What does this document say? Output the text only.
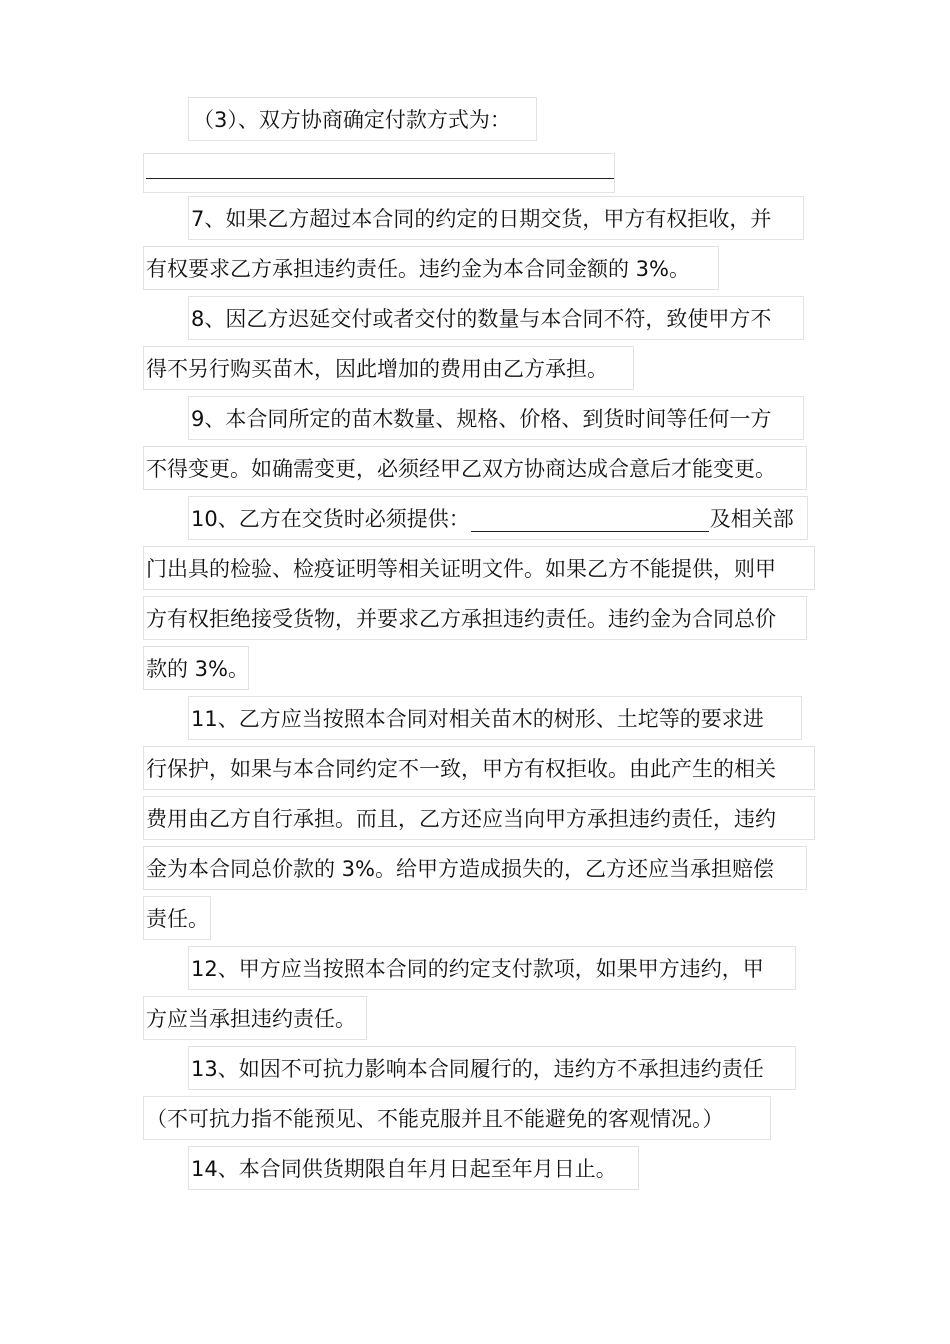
（3）、双方协商确定付款方式为：
7、如果乙方超过本合同的约定的日期交货，甲方有权拒收，并
有权要求乙方承担违约责任。违约金为本合同金额的 3%。
8、因乙方迟延交付或者交付的数量与本合同不符，致使甲方不
得不另行购买苗木，因此增加的费用由乙方承担。
9、本合同所定的苗木数量、规格、价格、到货时间等任何一方
不得变更。如确需变更，必须经甲乙双方协商达成合意后才能变更。
10、乙方在交货时必须提供：	及相关部
门出具的检验、检疫证明等相关证明文件。如果乙方不能提供，则甲
方有权拒绝接受货物，并要求乙方承担违约责任。违约金为合同总价
款的 3%。
11、乙方应当按照本合同对相关苗木的树形、土坨等的要求进
行保护，如果与本合同约定不一致，甲方有权拒收。由此产生的相关
费用由乙方自行承担。而且，乙方还应当向甲方承担违约责任，违约
金为本合同总价款的 3%。给甲方造成损失的，乙方还应当承担赔偿
责任。
12、甲方应当按照本合同的约定支付款项，如果甲方违约，甲
方应当承担违约责任。
13、如因不可抗力影响本合同履行的，违约方不承担违约责任
（不可抗力指不能预见、不能克服并且不能避免的客观情况。）
14、本合同供货期限自年月日起至年月日止。
